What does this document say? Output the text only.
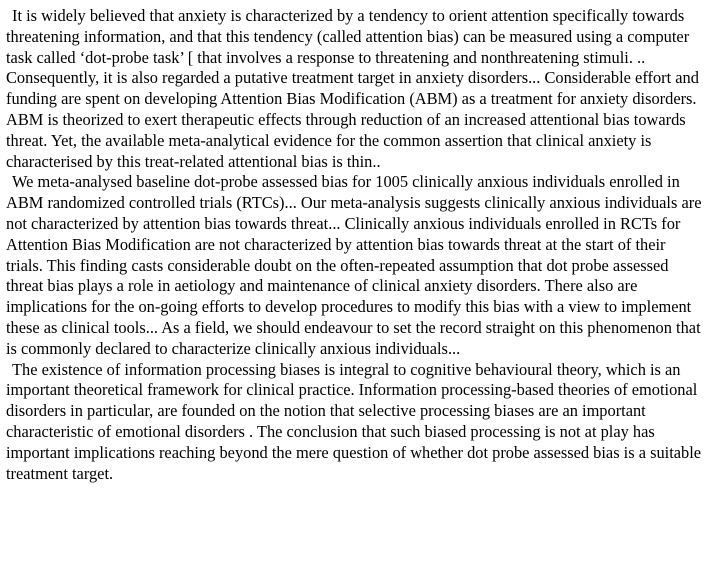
It is widely believed that anxiety is characterized by a tendency to orient attention specifically towards threatening information, and that this tendency (called attention bias) can be measured using a computer task called ‘dot-probe task’ [ that involves a response to threatening and nonthreatening stimuli. .. Consequently, it is also regarded a putative treatment target in anxiety disorders... Considerable effort and funding are spent on developing Attention Bias Modification (ABM) as a treatment for anxiety disorders. ABM is theorized to exert therapeutic effects through reduction of an increased attentional bias towards threat. Yet, the available meta-analytical evidence for the common assertion that clinical anxiety is characterised by this treat-related attentional bias is thin..

We meta-analysed baseline dot-probe assessed bias for 1005 clinically anxious individuals enrolled in ABM randomized controlled trials (RTCs)... Our meta-analysis suggests clinically anxious individuals are not characterized by attention bias towards threat... Clinically anxious individuals enrolled in RCTs for Attention Bias Modification are not characterized by attention bias towards threat at the start of their trials. This finding casts considerable doubt on the often-repeated assumption that dot probe assessed threat bias plays a role in aetiology and maintenance of clinical anxiety disorders. There also are implications for the on-going efforts to develop procedures to modify this bias with a view to implement these as clinical tools... As a field, we should endeavour to set the record straight on this phenomenon that is commonly declared to characterize clinically anxious individuals...

The existence of information processing biases is integral to cognitive behavioural theory, which is an important theoretical framework for clinical practice. Information processing-based theories of emotional disorders in particular, are founded on the notion that selective processing biases are an important characteristic of emotional disorders . The conclusion that such biased processing is not at play has important implications reaching beyond the mere question of whether dot probe assessed bias is a suitable treatment target.
